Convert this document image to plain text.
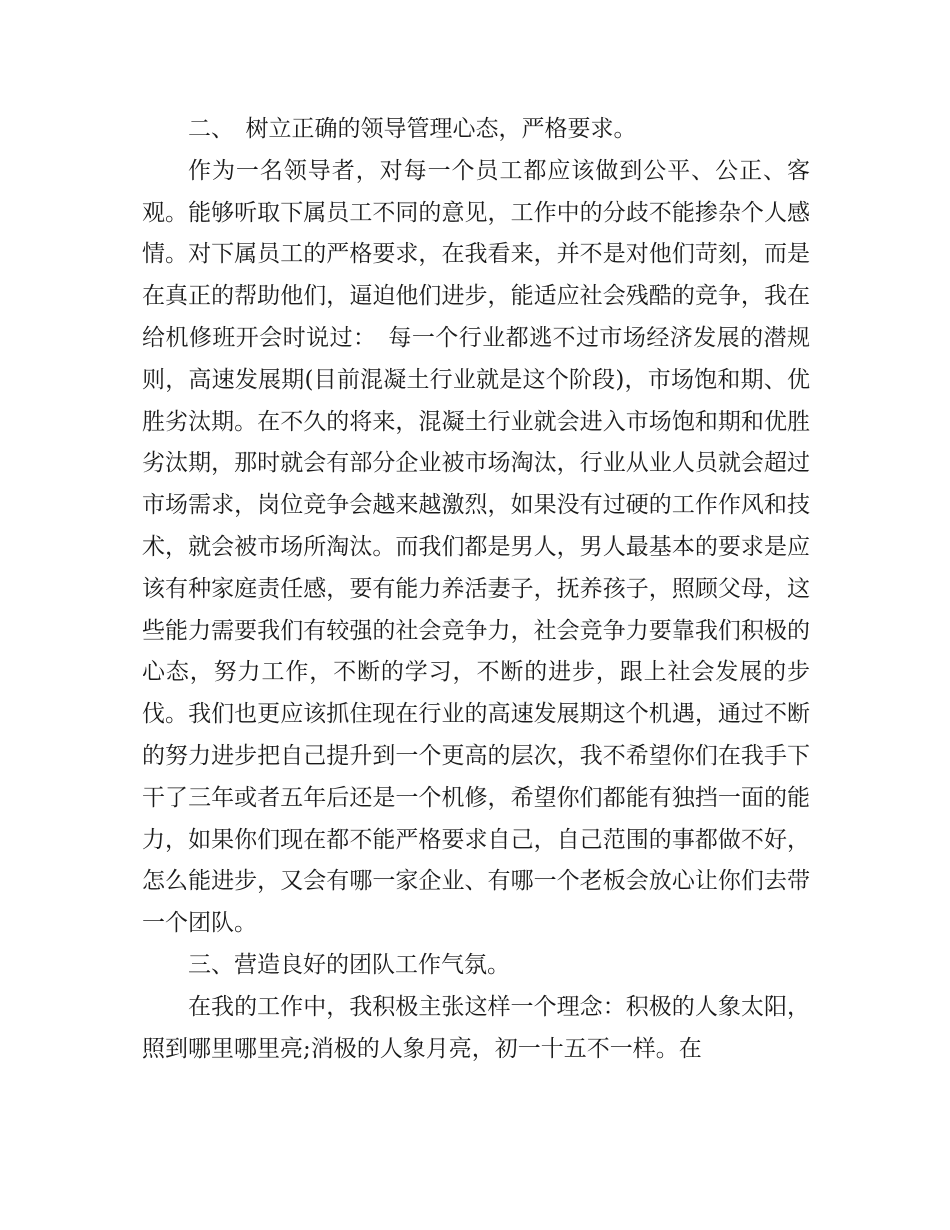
二、　树立正确的领导管理心态，严格要求。

作为一名领导者，对每一个员工都应该做到公平、公正、客观。能够听取下属员工不同的意见，工作中的分歧不能掺杂个人感情。对下属员工的严格要求，在我看来，并不是对他们苛刻，而是在真正的帮助他们，逼迫他们进步，能适应社会残酷的竞争，我在给机修班开会时说过：　每一个行业都逃不过市场经济发展的潜规则，高速发展期(目前混凝土行业就是这个阶段)，市场饱和期、优胜劣汰期。在不久的将来，混凝土行业就会进入市场饱和期和优胜劣汰期，那时就会有部分企业被市场淘汰，行业从业人员就会超过市场需求，岗位竞争会越来越激烈，如果没有过硬的工作作风和技术，就会被市场所淘汰。而我们都是男人，男人最基本的要求是应该有种家庭责任感，要有能力养活妻子，抚养孩子，照顾父母，这些能力需要我们有较强的社会竞争力，社会竞争力要靠我们积极的心态，努力工作，不断的学习，不断的进步，跟上社会发展的步伐。我们也更应该抓住现在行业的高速发展期这个机遇，通过不断的努力进步把自己提升到一个更高的层次，我不希望你们在我手下干了三年或者五年后还是一个机修，希望你们都能有独挡一面的能力，如果你们现在都不能严格要求自己，自己范围的事都做不好，怎么能进步，又会有哪一家企业、有哪一个老板会放心让你们去带一个团队。

三、营造良好的团队工作气氛。

在我的工作中，我积极主张这样一个理念：积极的人象太阳，照到哪里哪里亮;消极的人象月亮，初一十五不一样。在
